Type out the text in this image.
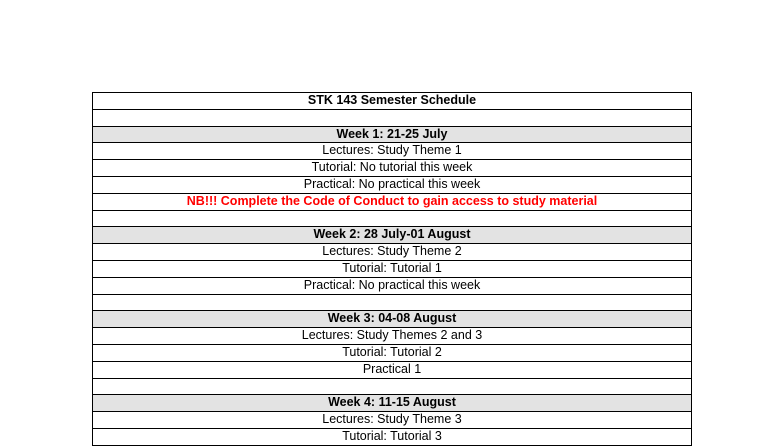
STK 143 Semester Schedule

Week 1: 21-25 July
Lectures: Study Theme 1
Tutorial: No tutorial this week
Practical: No practical this week
NB!!! Complete the Code of Conduct to gain access to study material

Week 2: 28 July-01 August
Lectures: Study Theme 2
Tutorial: Tutorial 1
Practical: No practical this week

Week 3: 04-08 August
Lectures: Study Themes 2 and 3
Tutorial: Tutorial 2
Practical 1

Week 4: 11-15 August
Lectures: Study Theme 3
Tutorial: Tutorial 3
